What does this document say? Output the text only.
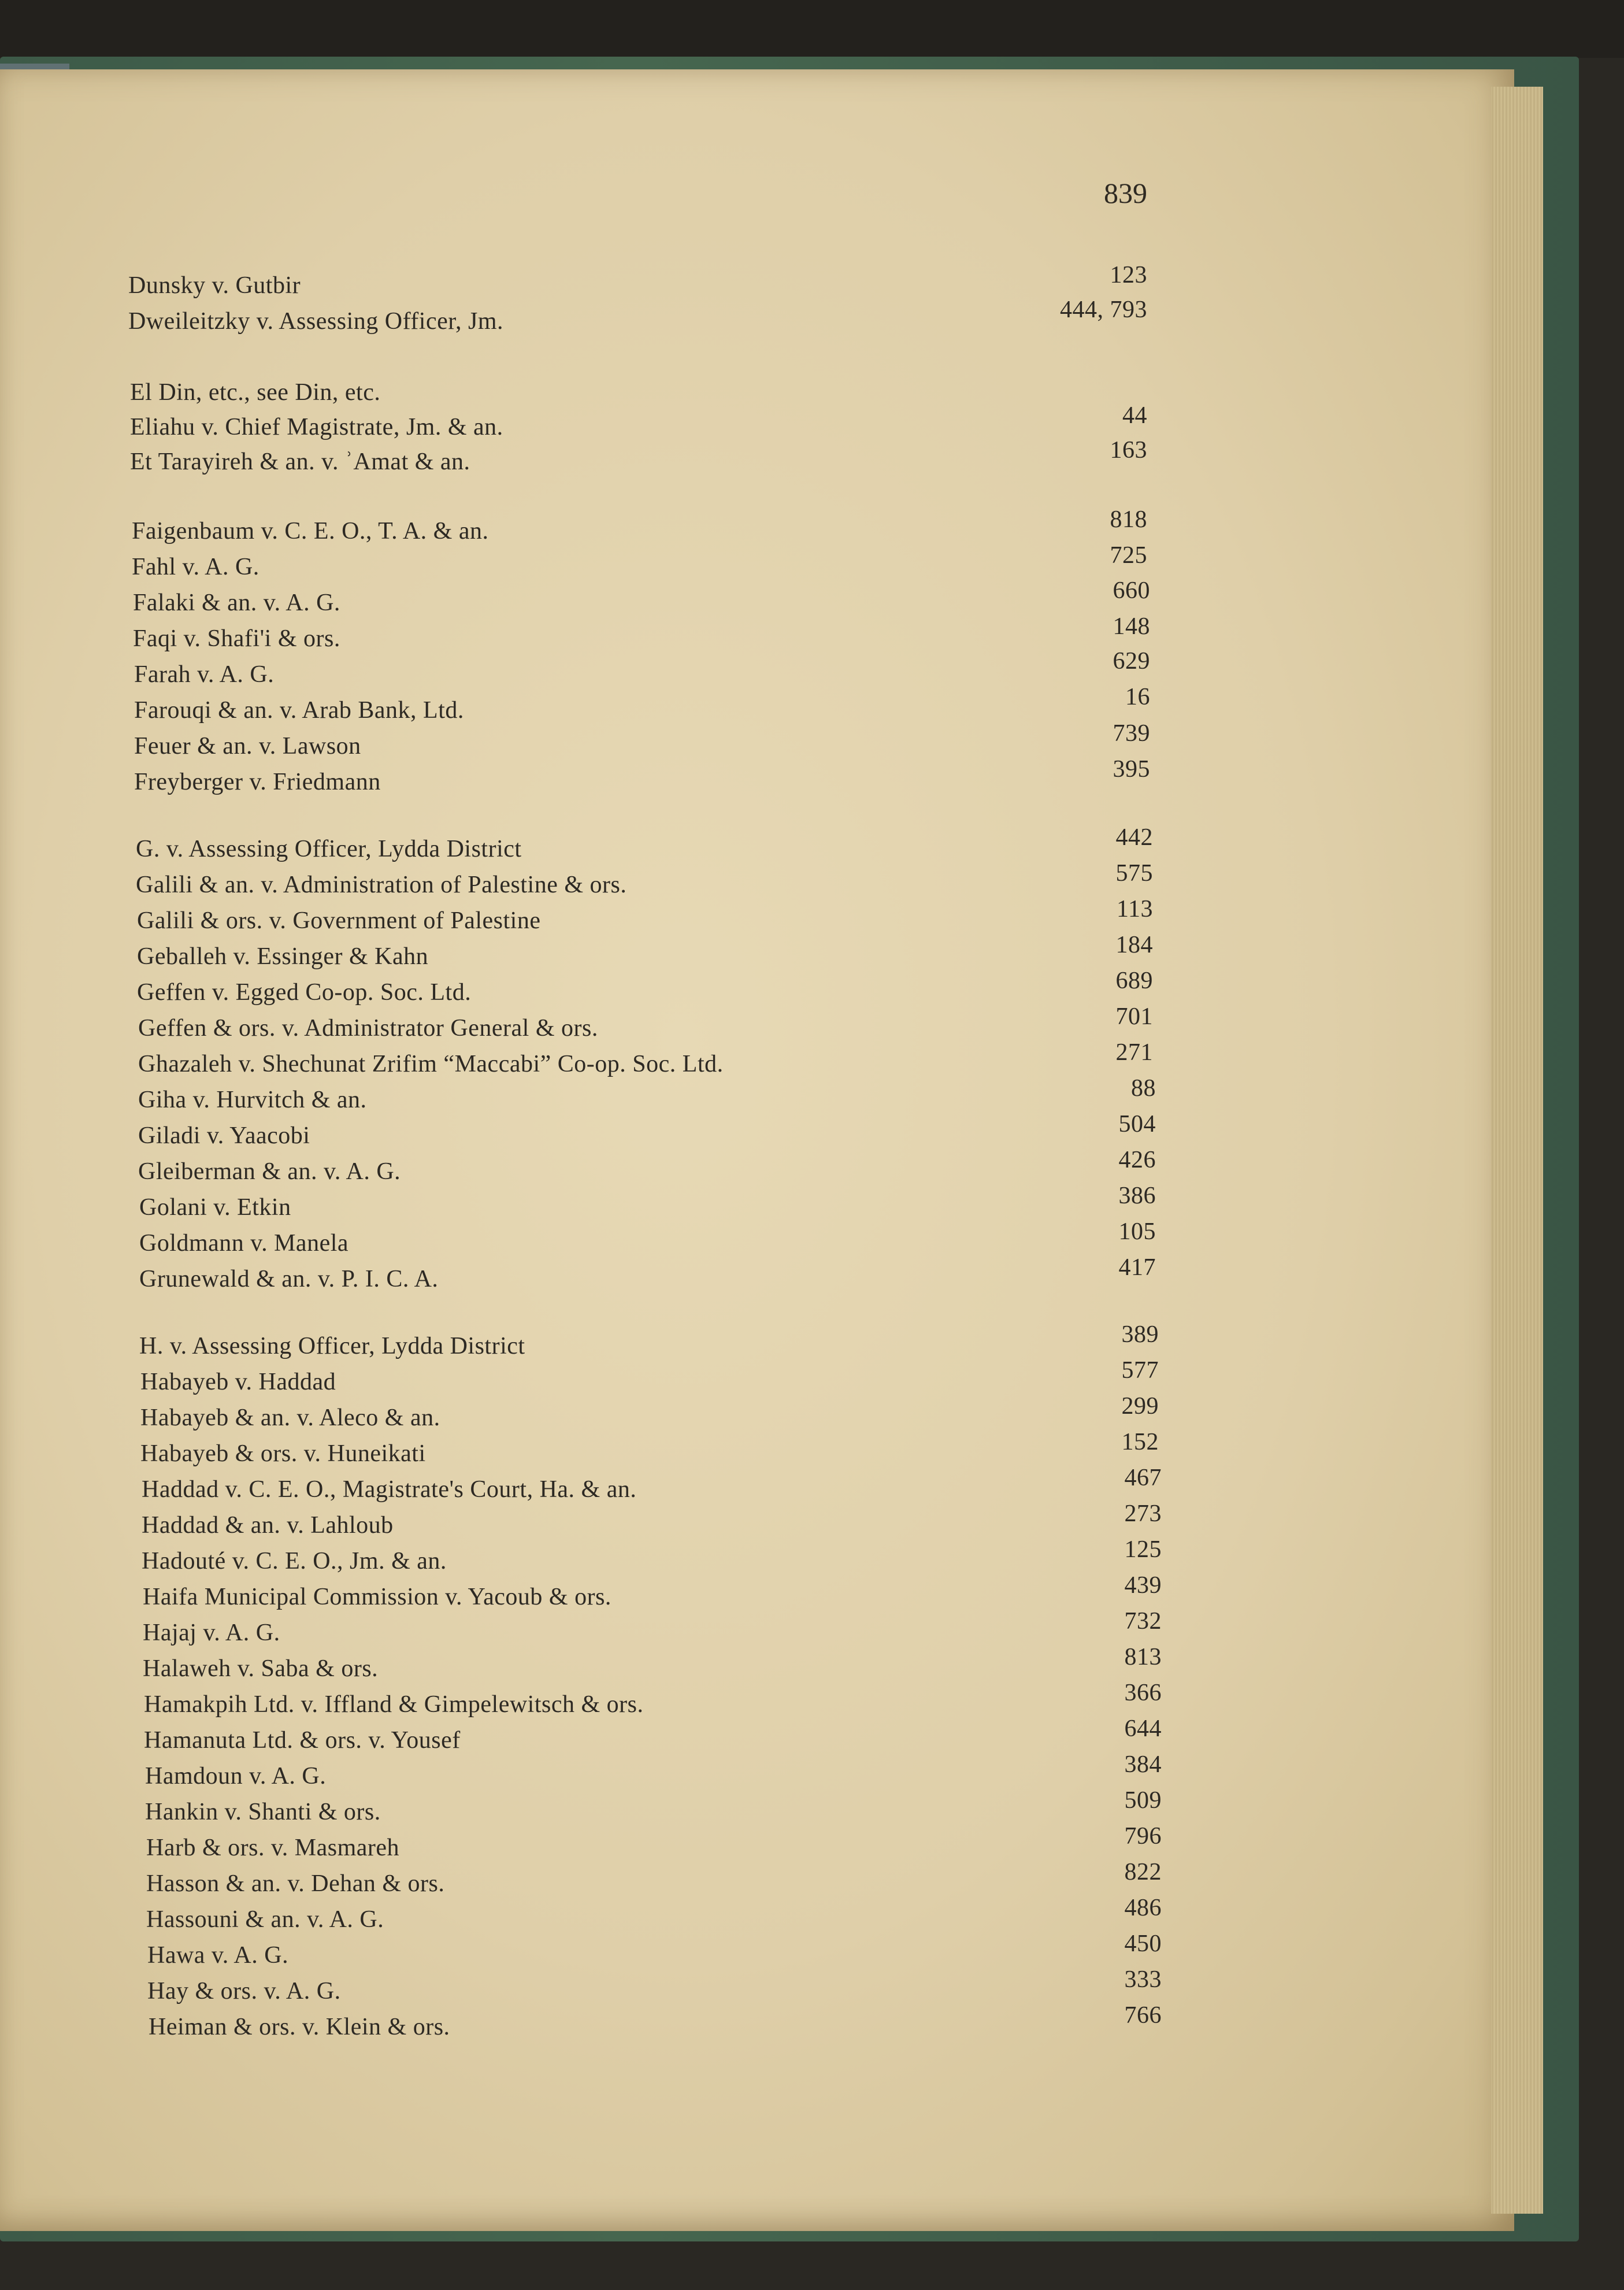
839
Dunsky v. Gutbir	123
Dweileitzky v. Assessing Officer, Jm.	444, 793
El Din, etc., see Din, etc.
Eliahu v. Chief Magistrate, Jm. & an.	44
Et Tarayireh & an. v. ʾAmat & an.	163
Faigenbaum v. C. E. O., T. A. & an.	818
Fahl v. A. G.	725
Falaki & an. v. A. G.	660
Faqi v. Shafi'i & ors.	148
Farah v. A. G.	629
Farouqi & an. v. Arab Bank, Ltd.	16
Feuer & an. v. Lawson	739
Freyberger v. Friedmann	395
G. v. Assessing Officer, Lydda District	442
Galili & an. v. Administration of Palestine & ors.	575
Galili & ors. v. Government of Palestine	113
Geballeh v. Essinger & Kahn	184
Geffen v. Egged Co-op. Soc. Ltd.	689
Geffen & ors. v. Administrator General & ors.	701
Ghazaleh v. Shechunat Zrifim “Maccabi” Co-op. Soc. Ltd.	271
Giha v. Hurvitch & an.	88
Giladi v. Yaacobi	504
Gleiberman & an. v. A. G.	426
Golani v. Etkin	386
Goldmann v. Manela	105
Grunewald & an. v. P. I. C. A.	417
H. v. Assessing Officer, Lydda District	389
Habayeb v. Haddad	577
Habayeb & an. v. Aleco & an.	299
Habayeb & ors. v. Huneikati	152
Haddad v. C. E. O., Magistrate's Court, Ha. & an.	467
Haddad & an. v. Lahloub	273
Hadouté v. C. E. O., Jm. & an.	125
Haifa Municipal Commission v. Yacoub & ors.	439
Hajaj v. A. G.	732
Halaweh v. Saba & ors.	813
Hamakpih Ltd. v. Iffland & Gimpelewitsch & ors.	366
Hamanuta Ltd. & ors. v. Yousef	644
Hamdoun v. A. G.	384
Hankin v. Shanti & ors.	509
Harb & ors. v. Masmareh	796
Hasson & an. v. Dehan & ors.	822
Hassouni & an. v. A. G.	486
Hawa v. A. G.	450
Hay & ors. v. A. G.	333
Heiman & ors. v. Klein & ors.	766
